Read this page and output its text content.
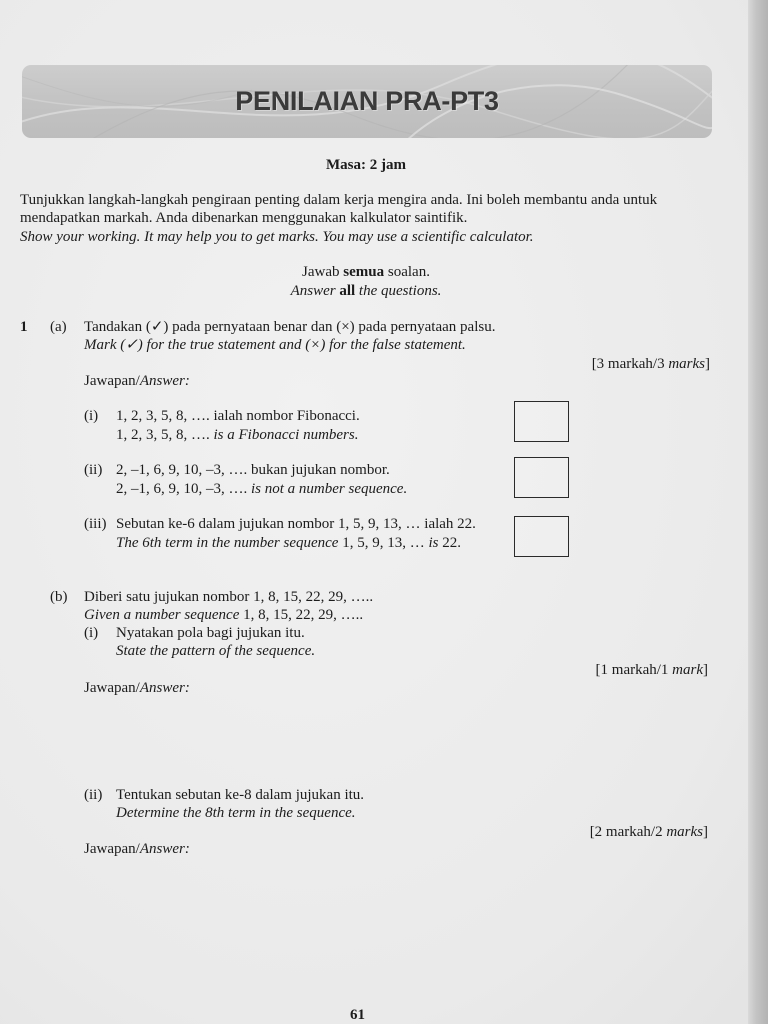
PENILAIAN PRA-PT3
Masa: 2 jam
Tunjukkan langkah-langkah pengiraan penting dalam kerja mengira anda. Ini boleh membantu anda untuk
mendapatkan markah. Anda dibenarkan menggunakan kalkulator saintifik.
Show your working. It may help you to get marks. You may use a scientific calculator.
Jawab semua soalan.
Answer all the questions.
1 (a) Tandakan (✓) pada pernyataan benar dan (×) pada pernyataan palsu.
Mark (✓) for the true statement and (×) for the false statement.
[3 markah/3 marks]
Jawapan/Answer:
(i) 1, 2, 3, 5, 8, …. ialah nombor Fibonacci.
1, 2, 3, 5, 8, …. is a Fibonacci numbers.
(ii) 2, –1, 6, 9, 10, –3, …. bukan jujukan nombor.
2, –1, 6, 9, 10, –3, …. is not a number sequence.
(iii) Sebutan ke-6 dalam jujukan nombor 1, 5, 9, 13, … ialah 22.
The 6th term in the number sequence 1, 5, 9, 13, … is 22.
(b) Diberi satu jujukan nombor 1, 8, 15, 22, 29, …..
Given a number sequence 1, 8, 15, 22, 29, …..
(i) Nyatakan pola bagi jujukan itu.
State the pattern of the sequence.
[1 markah/1 mark]
Jawapan/Answer:
(ii) Tentukan sebutan ke-8 dalam jujukan itu.
Determine the 8th term in the sequence.
[2 markah/2 marks]
Jawapan/Answer:
61
